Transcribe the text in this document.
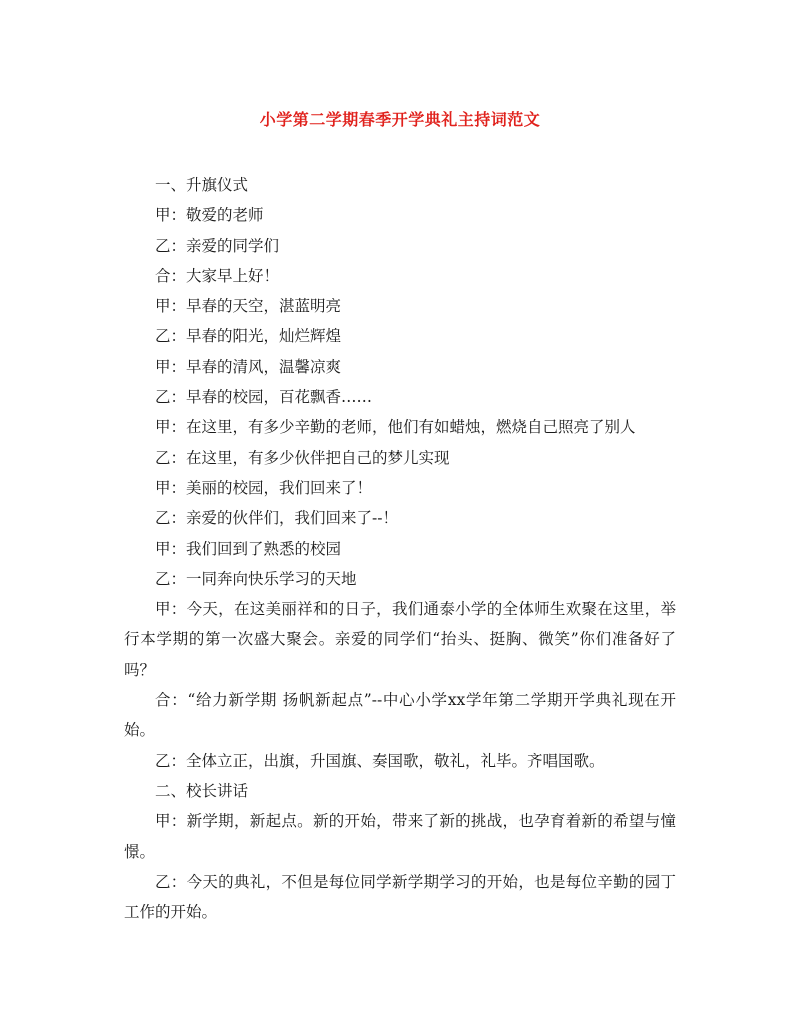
小学第二学期春季开学典礼主持词范文

一、升旗仪式

甲：敬爱的老师

乙：亲爱的同学们

合：大家早上好！

甲：早春的天空，湛蓝明亮

乙：早春的阳光，灿烂辉煌

甲：早春的清风，温馨凉爽

乙：早春的校园，百花飘香……

甲：在这里，有多少辛勤的老师，他们有如蜡烛，燃烧自己照亮了别人

乙：在这里，有多少伙伴把自己的梦儿实现

甲：美丽的校园，我们回来了！

乙：亲爱的伙伴们，我们回来了--！

甲：我们回到了熟悉的校园

乙：一同奔向快乐学习的天地

甲：今天，在这美丽祥和的日子，我们通泰小学的全体师生欢聚在这里，举行本学期的第一次盛大聚会。亲爱的同学们“抬头、挺胸、微笑”你们准备好了吗？

合：“给力新学期 扬帆新起点”--中心小学xx学年第二学期开学典礼现在开始。

乙：全体立正，出旗，升国旗、奏国歌，敬礼，礼毕。齐唱国歌。

二、校长讲话

甲：新学期，新起点。新的开始，带来了新的挑战，也孕育着新的希望与憧憬。

乙：今天的典礼，不但是每位同学新学期学习的开始，也是每位辛勤的园丁工作的开始。
